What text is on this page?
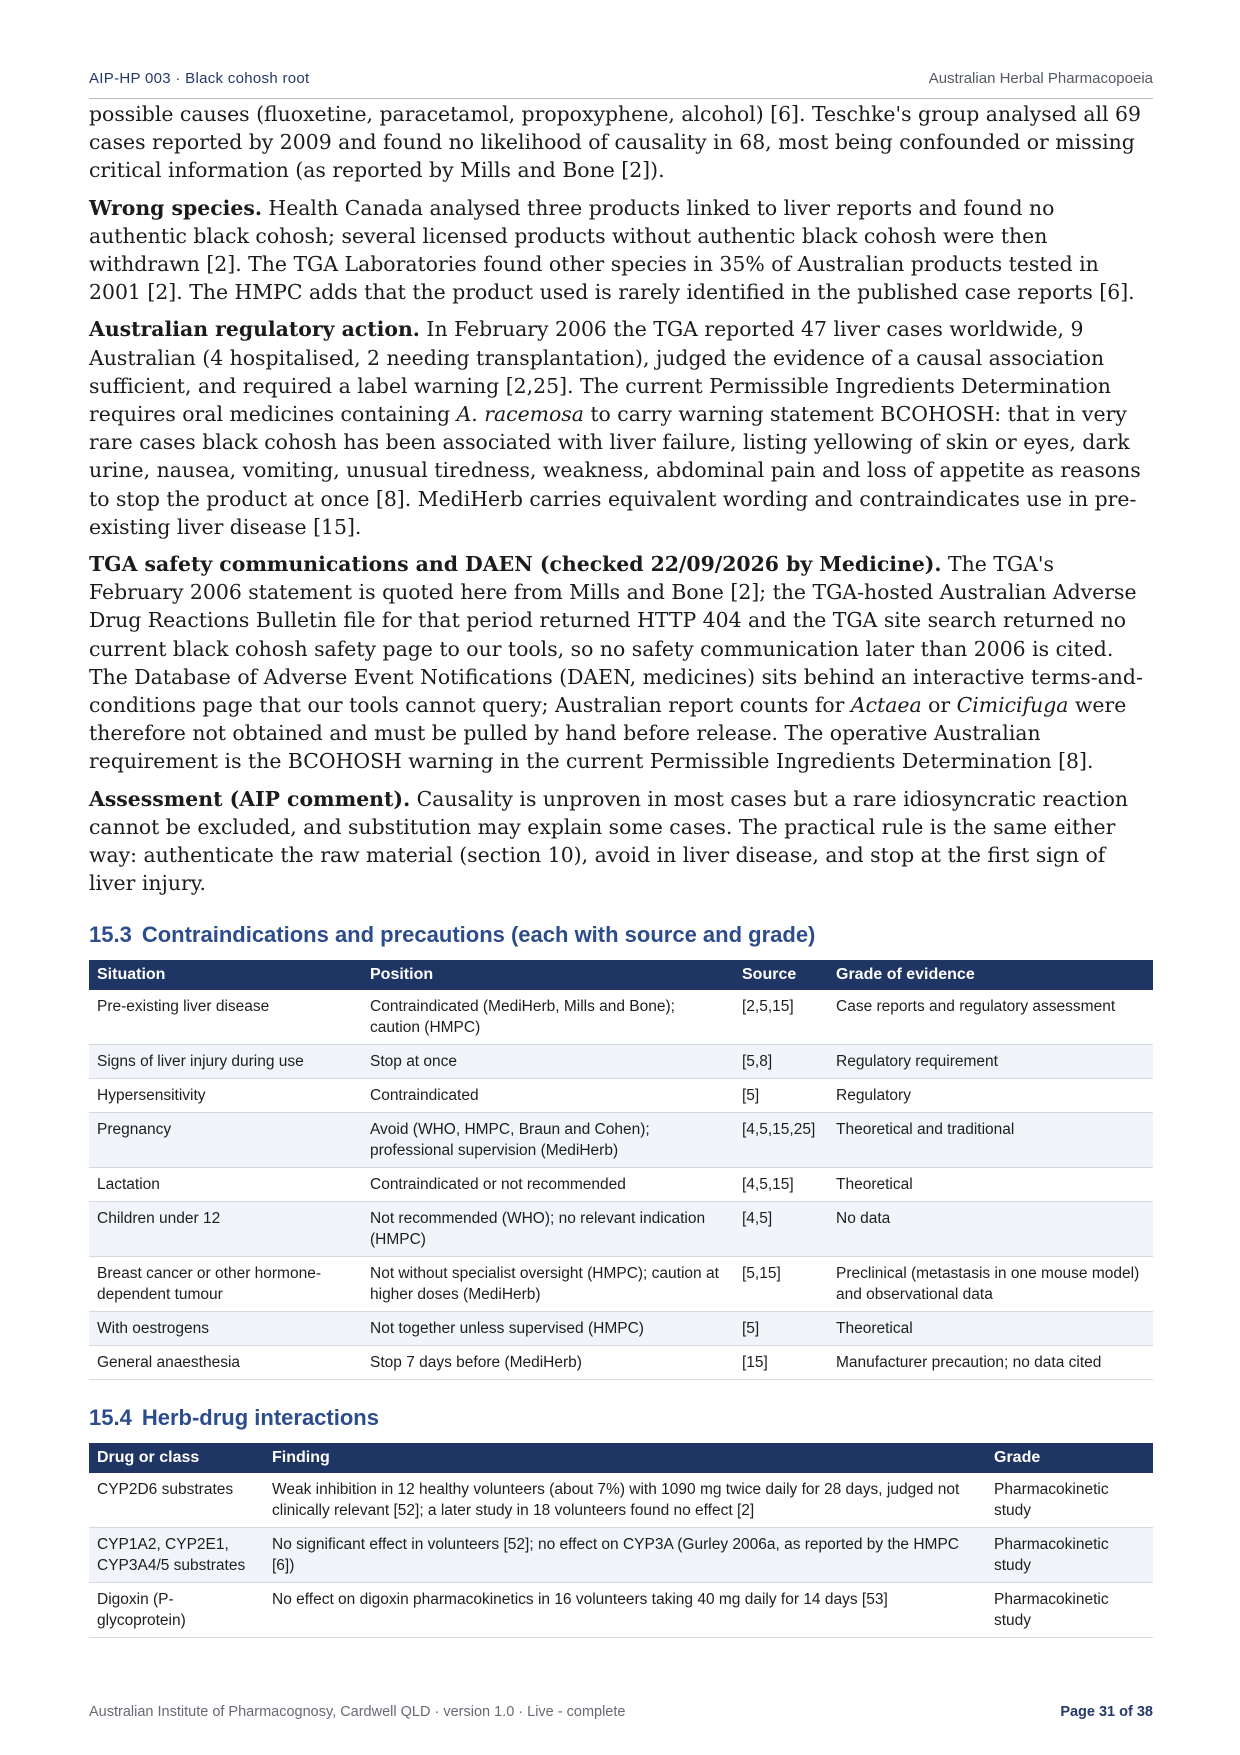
AIP-HP 003 · Black cohosh root	Australian Herbal Pharmacopoeia

possible causes (fluoxetine, paracetamol, propoxyphene, alcohol) [6]. Teschke's group analysed all 69 cases reported by 2009 and found no likelihood of causality in 68, most being confounded or missing critical information (as reported by Mills and Bone [2]).

Wrong species. Health Canada analysed three products linked to liver reports and found no authentic black cohosh; several licensed products without authentic black cohosh were then withdrawn [2]. The TGA Laboratories found other species in 35% of Australian products tested in 2001 [2]. The HMPC adds that the product used is rarely identified in the published case reports [6].

Australian regulatory action. In February 2006 the TGA reported 47 liver cases worldwide, 9 Australian (4 hospitalised, 2 needing transplantation), judged the evidence of a causal association sufficient, and required a label warning [2,25]. The current Permissible Ingredients Determination requires oral medicines containing A. racemosa to carry warning statement BCOHOSH: that in very rare cases black cohosh has been associated with liver failure, listing yellowing of skin or eyes, dark urine, nausea, vomiting, unusual tiredness, weakness, abdominal pain and loss of appetite as reasons to stop the product at once [8]. MediHerb carries equivalent wording and contraindicates use in pre-existing liver disease [15].

TGA safety communications and DAEN (checked 22/09/2026 by Medicine). The TGA's February 2006 statement is quoted here from Mills and Bone [2]; the TGA-hosted Australian Adverse Drug Reactions Bulletin file for that period returned HTTP 404 and the TGA site search returned no current black cohosh safety page to our tools, so no safety communication later than 2006 is cited. The Database of Adverse Event Notifications (DAEN, medicines) sits behind an interactive terms-and-conditions page that our tools cannot query; Australian report counts for Actaea or Cimicifuga were therefore not obtained and must be pulled by hand before release. The operative Australian requirement is the BCOHOSH warning in the current Permissible Ingredients Determination [8].

Assessment (AIP comment). Causality is unproven in most cases but a rare idiosyncratic reaction cannot be excluded, and substitution may explain some cases. The practical rule is the same either way: authenticate the raw material (section 10), avoid in liver disease, and stop at the first sign of liver injury.

15.3 Contraindications and precautions (each with source and grade)
Situation	Position	Source	Grade of evidence
Pre-existing liver disease	Contraindicated (MediHerb, Mills and Bone); caution (HMPC)	[2,5,15]	Case reports and regulatory assessment
Signs of liver injury during use	Stop at once	[5,8]	Regulatory requirement
Hypersensitivity	Contraindicated	[5]	Regulatory
Pregnancy	Avoid (WHO, HMPC, Braun and Cohen); professional supervision (MediHerb)	[4,5,15,25]	Theoretical and traditional
Lactation	Contraindicated or not recommended	[4,5,15]	Theoretical
Children under 12	Not recommended (WHO); no relevant indication (HMPC)	[4,5]	No data
Breast cancer or other hormone-dependent tumour	Not without specialist oversight (HMPC); caution at higher doses (MediHerb)	[5,15]	Preclinical (metastasis in one mouse model) and observational data
With oestrogens	Not together unless supervised (HMPC)	[5]	Theoretical
General anaesthesia	Stop 7 days before (MediHerb)	[15]	Manufacturer precaution; no data cited
15.4 Herb-drug interactions
Drug or class	Finding	Grade
CYP2D6 substrates	Weak inhibition in 12 healthy volunteers (about 7%) with 1090 mg twice daily for 28 days, judged not clinically relevant [52]; a later study in 18 volunteers found no effect [2]	Pharmacokinetic study
CYP1A2, CYP2E1, CYP3A4/5 substrates	No significant effect in volunteers [52]; no effect on CYP3A (Gurley 2006a, as reported by the HMPC [6])	Pharmacokinetic study
Digoxin (P-glycoprotein)	No effect on digoxin pharmacokinetics in 16 volunteers taking 40 mg daily for 14 days [53]	Pharmacokinetic study
Australian Institute of Pharmacognosy, Cardwell QLD · version 1.0 · Live - complete	Page 31 of 38
